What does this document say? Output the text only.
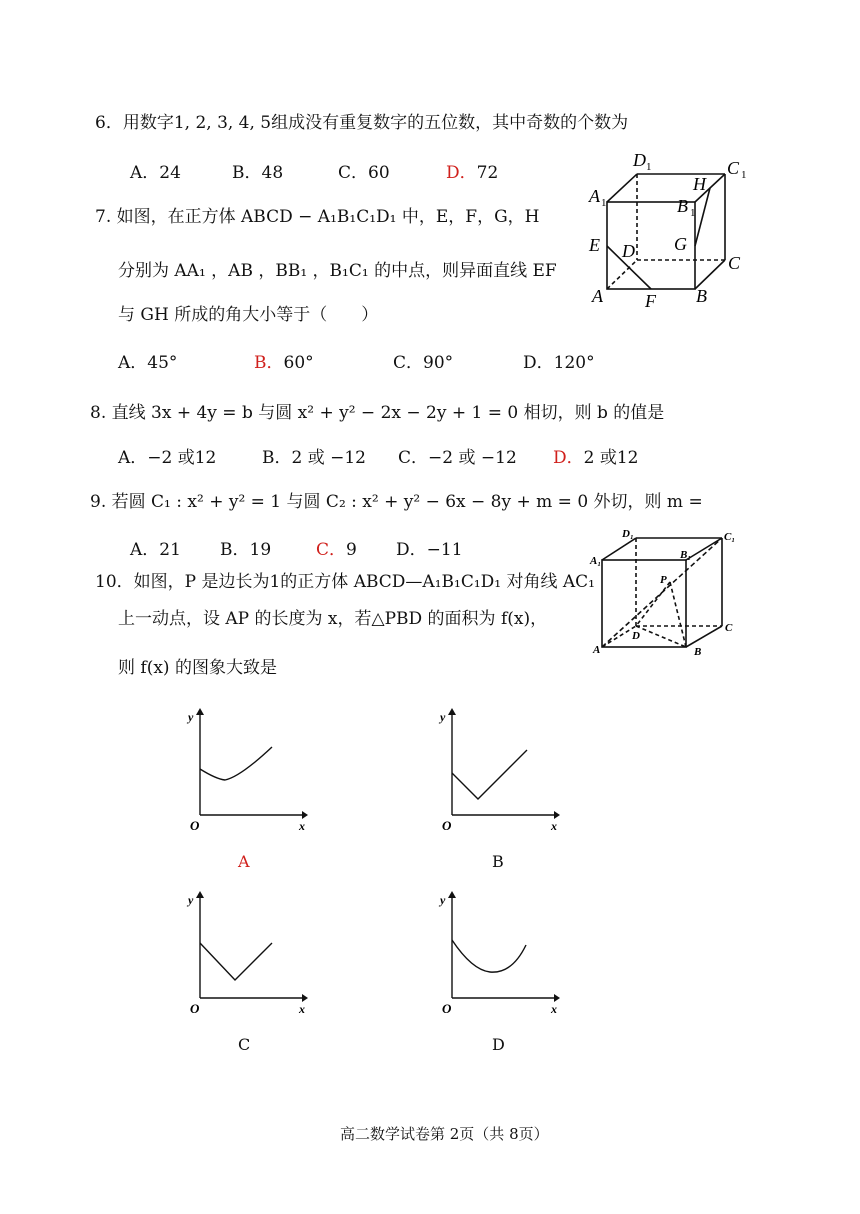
6．用数字1, 2, 3, 4, 5组成没有重复数字的五位数，其中奇数的个数为
A．24	B．48	C．60	D．72
7. 如图，在正方体 ABCD − A₁B₁C₁D₁ 中，E，F，G，H
分别为 AA₁ ，AB ，BB₁ ，B₁C₁ 的中点，则异面直线 EF
与 GH 所成的角大小等于（　　）
A．45°	B．60°	C．90°	D．120°
D 1	C 1
A 1
H
B 1
E D G
C
A F B
8. 直线 3x + 4y = b 与圆 x² + y² − 2x − 2y + 1 = 0 相切，则 b 的值是
A．−2 或12	B．2 或 −12 C．−2 或 −12 D．2 或12
9. 若圆 C₁ : x² + y² = 1 与圆 C₂ : x² + y² − 6x − 8y + m = 0 外切，则 m =
A．21 B．19	C．9 D．−11
10．如图，P 是边长为1的正方体 ABCD—A₁B₁C₁D₁ 对角线 AC₁
上一动点，设 AP 的长度为 x，若△PBD 的面积为 f(x)，
则 f(x) 的图象大致是
D₁	C₁
A₁	B₁
P
D
C
A	B
y
x
O
A
y
x
O
B
y
x
O
C
y
x
O
D
高二数学试卷第 2页（共 8页）
